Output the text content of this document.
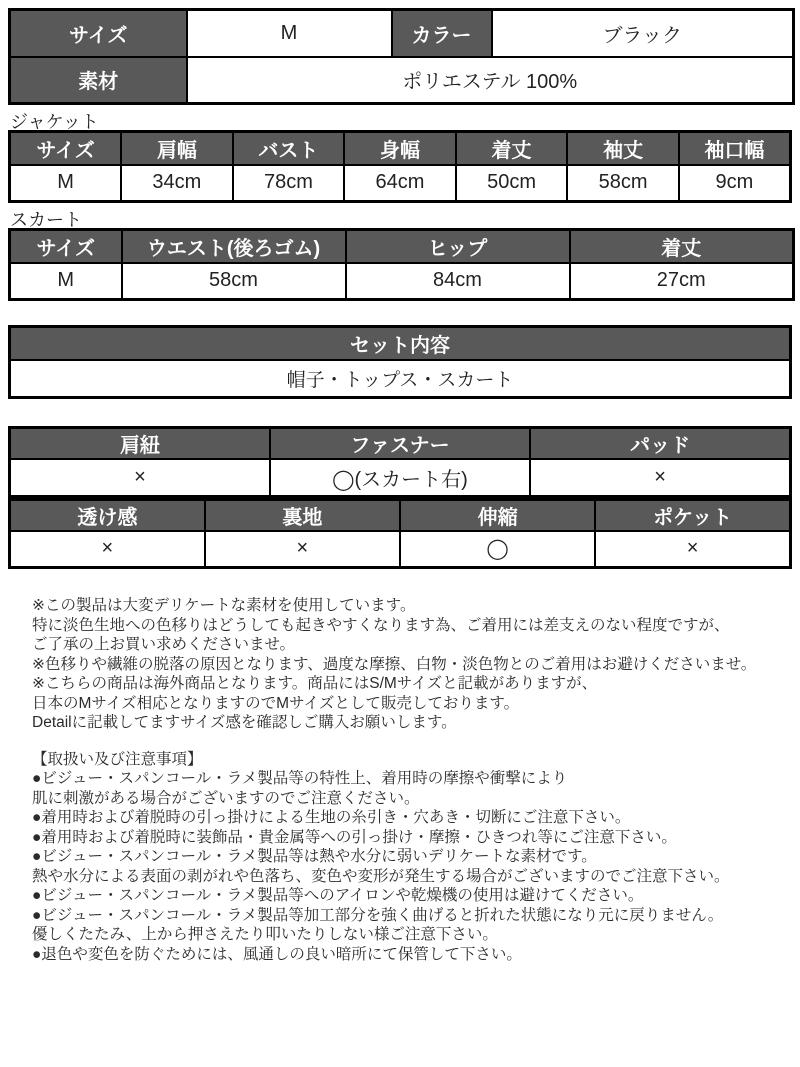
サイズ	M	カラー	ブラック
素材	ポリエステル 100%		
ジャケット
サイズ	肩幅	バスト	身幅	着丈	袖丈	袖口幅
M	34cm	78cm	64cm	50cm	58cm	9cm
スカート
サイズ	ウエスト(後ろゴム)	ヒップ	着丈
M	58cm	84cm	27cm
セット内容
帽子・トップス・スカート
肩紐	ファスナー	パッド
×	◯(スカート右)	×
透け感	裏地	伸縮	ポケット
×	×	◯	×
※この製品は大変デリケートな素材を使用しています。
特に淡色生地への色移りはどうしても起きやすくなります為、ご着用には差支えのない程度ですが、
ご了承の上お買い求めくださいませ。
※色移りや繊維の脱落の原因となります、過度な摩擦、白物・淡色物とのご着用はお避けくださいませ。
※こちらの商品は海外商品となります。商品にはS/Mサイズと記載がありますが、
日本のMサイズ相応となりますのでMサイズとして販売しております。
Detailに記載してますサイズ感を確認しご購入お願いします。
【取扱い及び注意事項】
●ビジュー・スパンコール・ラメ製品等の特性上、着用時の摩擦や衝撃により
肌に刺激がある場合がございますのでご注意ください。
●着用時および着脱時の引っ掛けによる生地の糸引き・穴あき・切断にご注意下さい。
●着用時および着脱時に装飾品・貴金属等への引っ掛け・摩擦・ひきつれ等にご注意下さい。
●ビジュー・スパンコール・ラメ製品等は熱や水分に弱いデリケートな素材です。
熱や水分による表面の剥がれや色落ち、変色や変形が発生する場合がございますのでご注意下さい。
●ビジュー・スパンコール・ラメ製品等へのアイロンや乾燥機の使用は避けてください。
●ビジュー・スパンコール・ラメ製品等加工部分を強く曲げると折れた状態になり元に戻りません。
優しくたたみ、上から押さえたり叩いたりしない様ご注意下さい。
●退色や変色を防ぐためには、風通しの良い暗所にて保管して下さい。
